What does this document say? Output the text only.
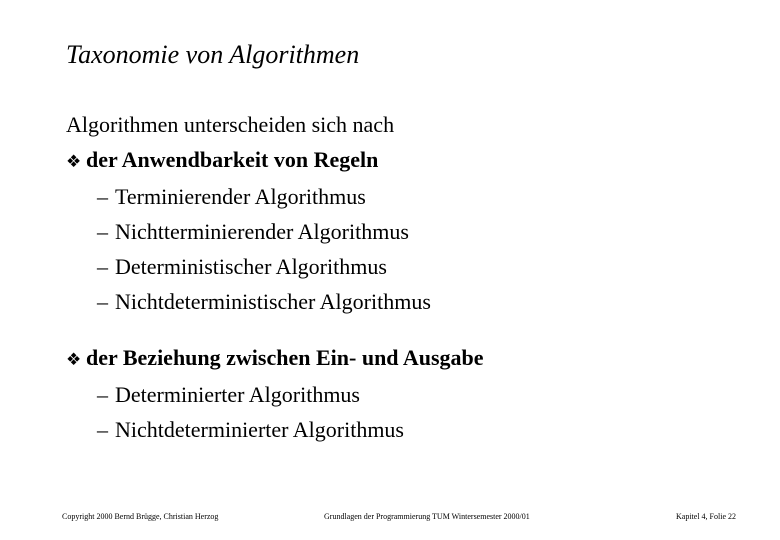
Taxonomie von Algorithmen
Algorithmen unterscheiden sich nach
❖ der Anwendbarkeit von Regeln
– Terminierender Algorithmus
– Nichtterminierender Algorithmus
– Deterministischer Algorithmus
– Nichtdeterministischer Algorithmus
❖ der Beziehung zwischen Ein- und Ausgabe
– Determinierter Algorithmus
– Nichtdeterminierter Algorithmus
Copyright 2000 Bernd Brügge, Christian Herzog	Grundlagen der Programmierung TUM Wintersemester 2000/01	Kapitel 4, Folie 22
